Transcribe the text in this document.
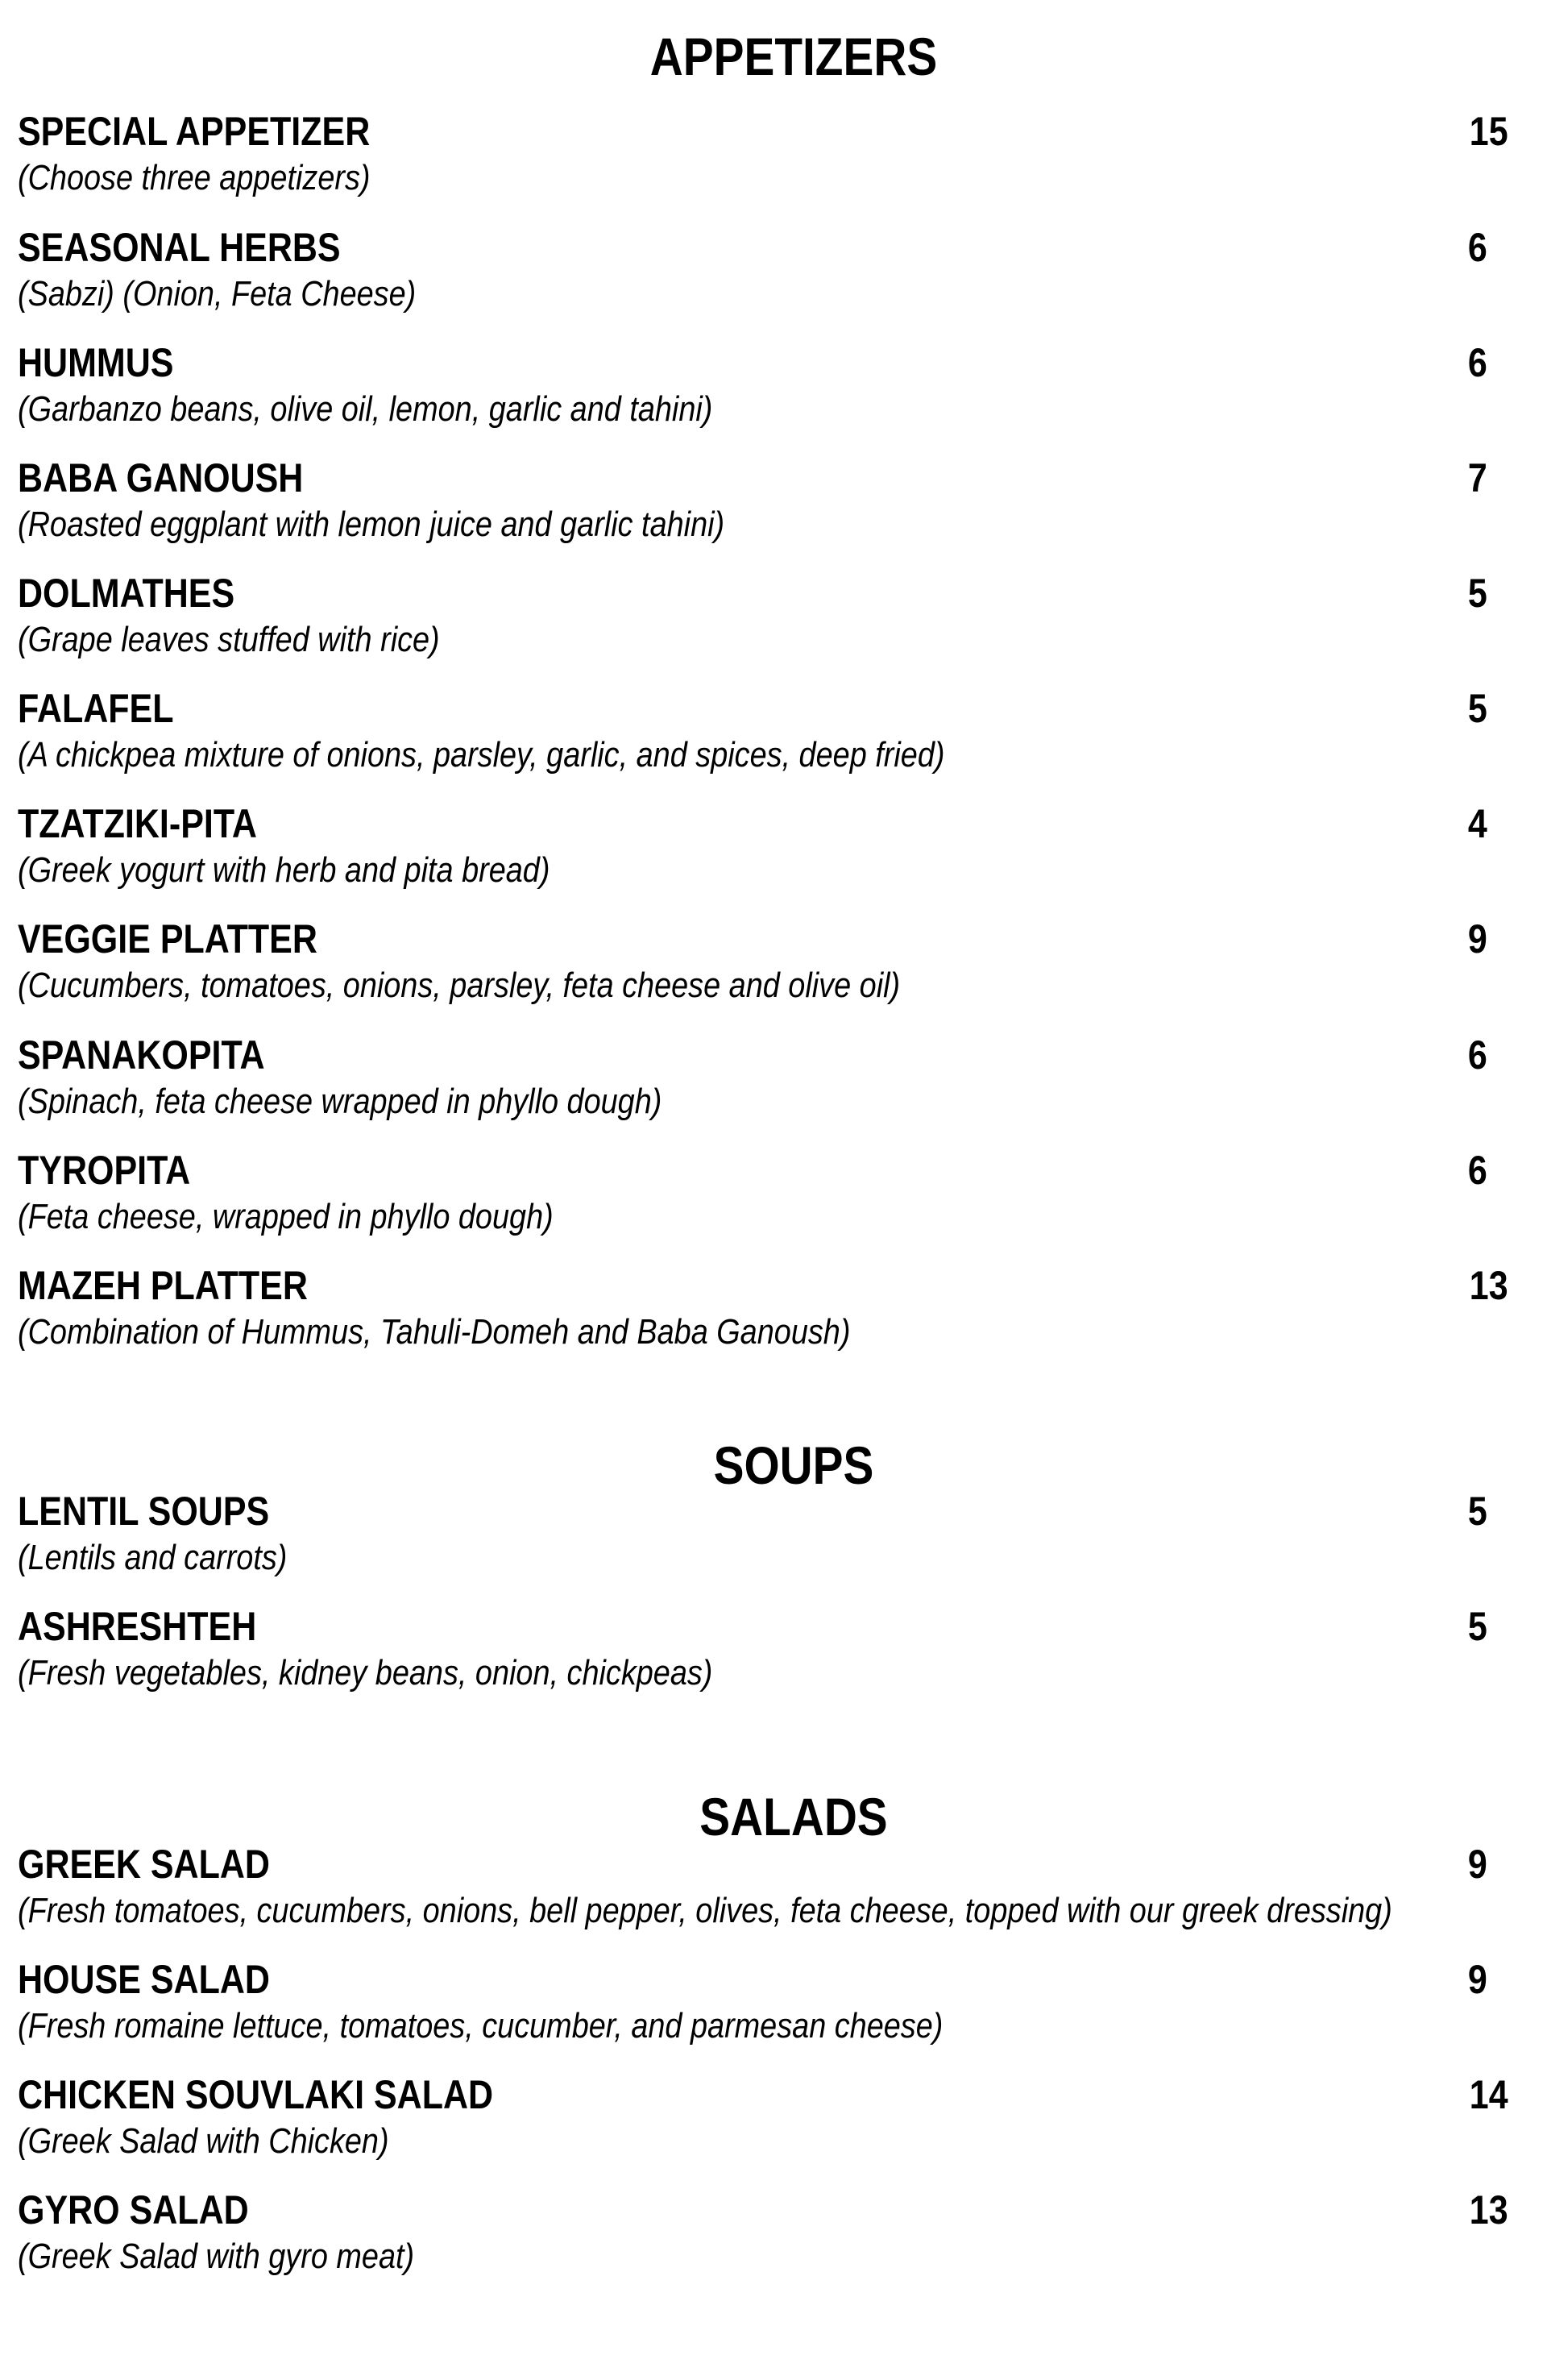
APPETIZERS
SPECIAL APPETIZER	15
(Choose three appetizers)
SEASONAL HERBS	6
(Sabzi) (Onion, Feta Cheese)
HUMMUS	6
(Garbanzo beans, olive oil, lemon, garlic and tahini)
BABA GANOUSH	7
(Roasted eggplant with lemon juice and garlic tahini)
DOLMATHES	5
(Grape leaves stuffed with rice)
FALAFEL	5
(A chickpea mixture of onions, parsley, garlic, and spices, deep fried)
TZATZIKI-PITA	4
(Greek yogurt with herb and pita bread)
VEGGIE PLATTER	9
(Cucumbers, tomatoes, onions, parsley, feta cheese and olive oil)
SPANAKOPITA	6
(Spinach, feta cheese wrapped in phyllo dough)
TYROPITA	6
(Feta cheese, wrapped in phyllo dough)
MAZEH PLATTER	13
(Combination of Hummus, Tahuli-Domeh and Baba Ganoush)
SOUPS
LENTIL SOUPS	5
(Lentils and carrots)
ASHRESHTEH	5
(Fresh vegetables, kidney beans, onion, chickpeas)
SALADS
GREEK SALAD	9
(Fresh tomatoes, cucumbers, onions, bell pepper, olives, feta cheese, topped with our greek dressing)
HOUSE SALAD	9
(Fresh romaine lettuce, tomatoes, cucumber, and parmesan cheese)
CHICKEN SOUVLAKI SALAD	14
(Greek Salad with Chicken)
GYRO SALAD	13
(Greek Salad with gyro meat)
